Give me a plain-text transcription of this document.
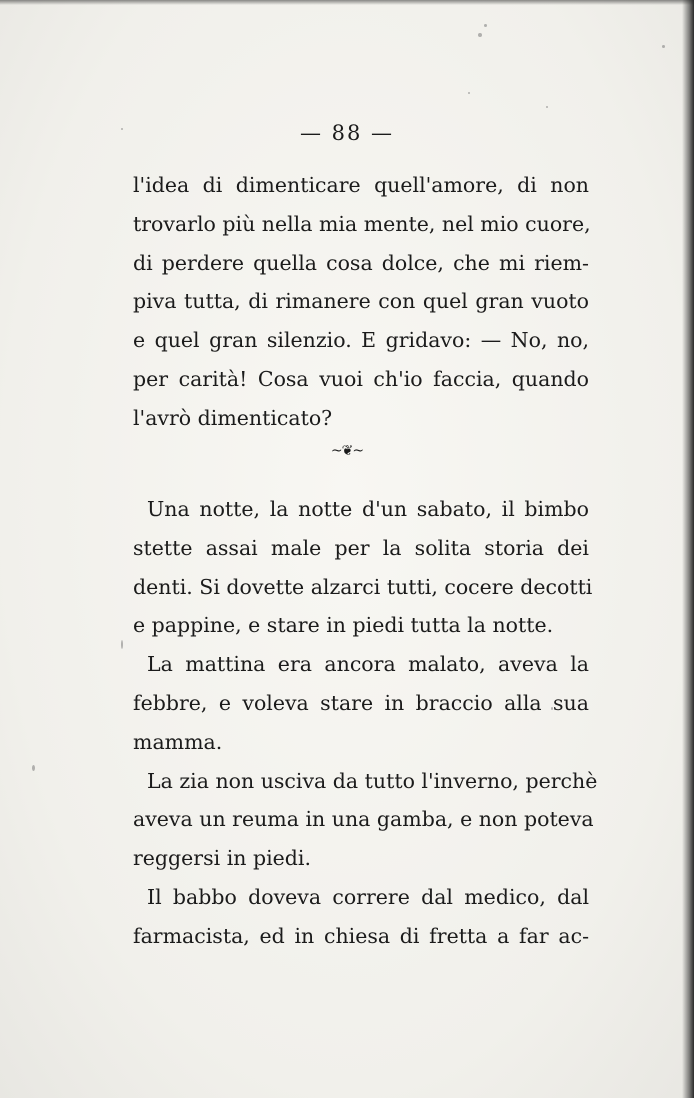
— 88 —
l'idea di dimenticare quell'amore, di non
trovarlo più nella mia mente, nel mio cuore,
di perdere quella cosa dolce, che mi riem-
piva tutta, di rimanere con quel gran vuoto
e quel gran silenzio. E gridavo: — No, no,
per carità! Cosa vuoi ch'io faccia, quando
l'avrò dimenticato?
~❦~
Una notte, la notte d'un sabato, il bimbo
stette assai male per la solita storia dei
denti. Si dovette alzarci tutti, cocere decotti
e pappine, e stare in piedi tutta la notte.
La mattina era ancora malato, aveva la
febbre, e voleva stare in braccio alla sua
mamma.
La zia non usciva da tutto l'inverno, perchè
aveva un reuma in una gamba, e non poteva
reggersi in piedi.
Il babbo doveva correre dal medico, dal
farmacista, ed in chiesa di fretta a far ac-
